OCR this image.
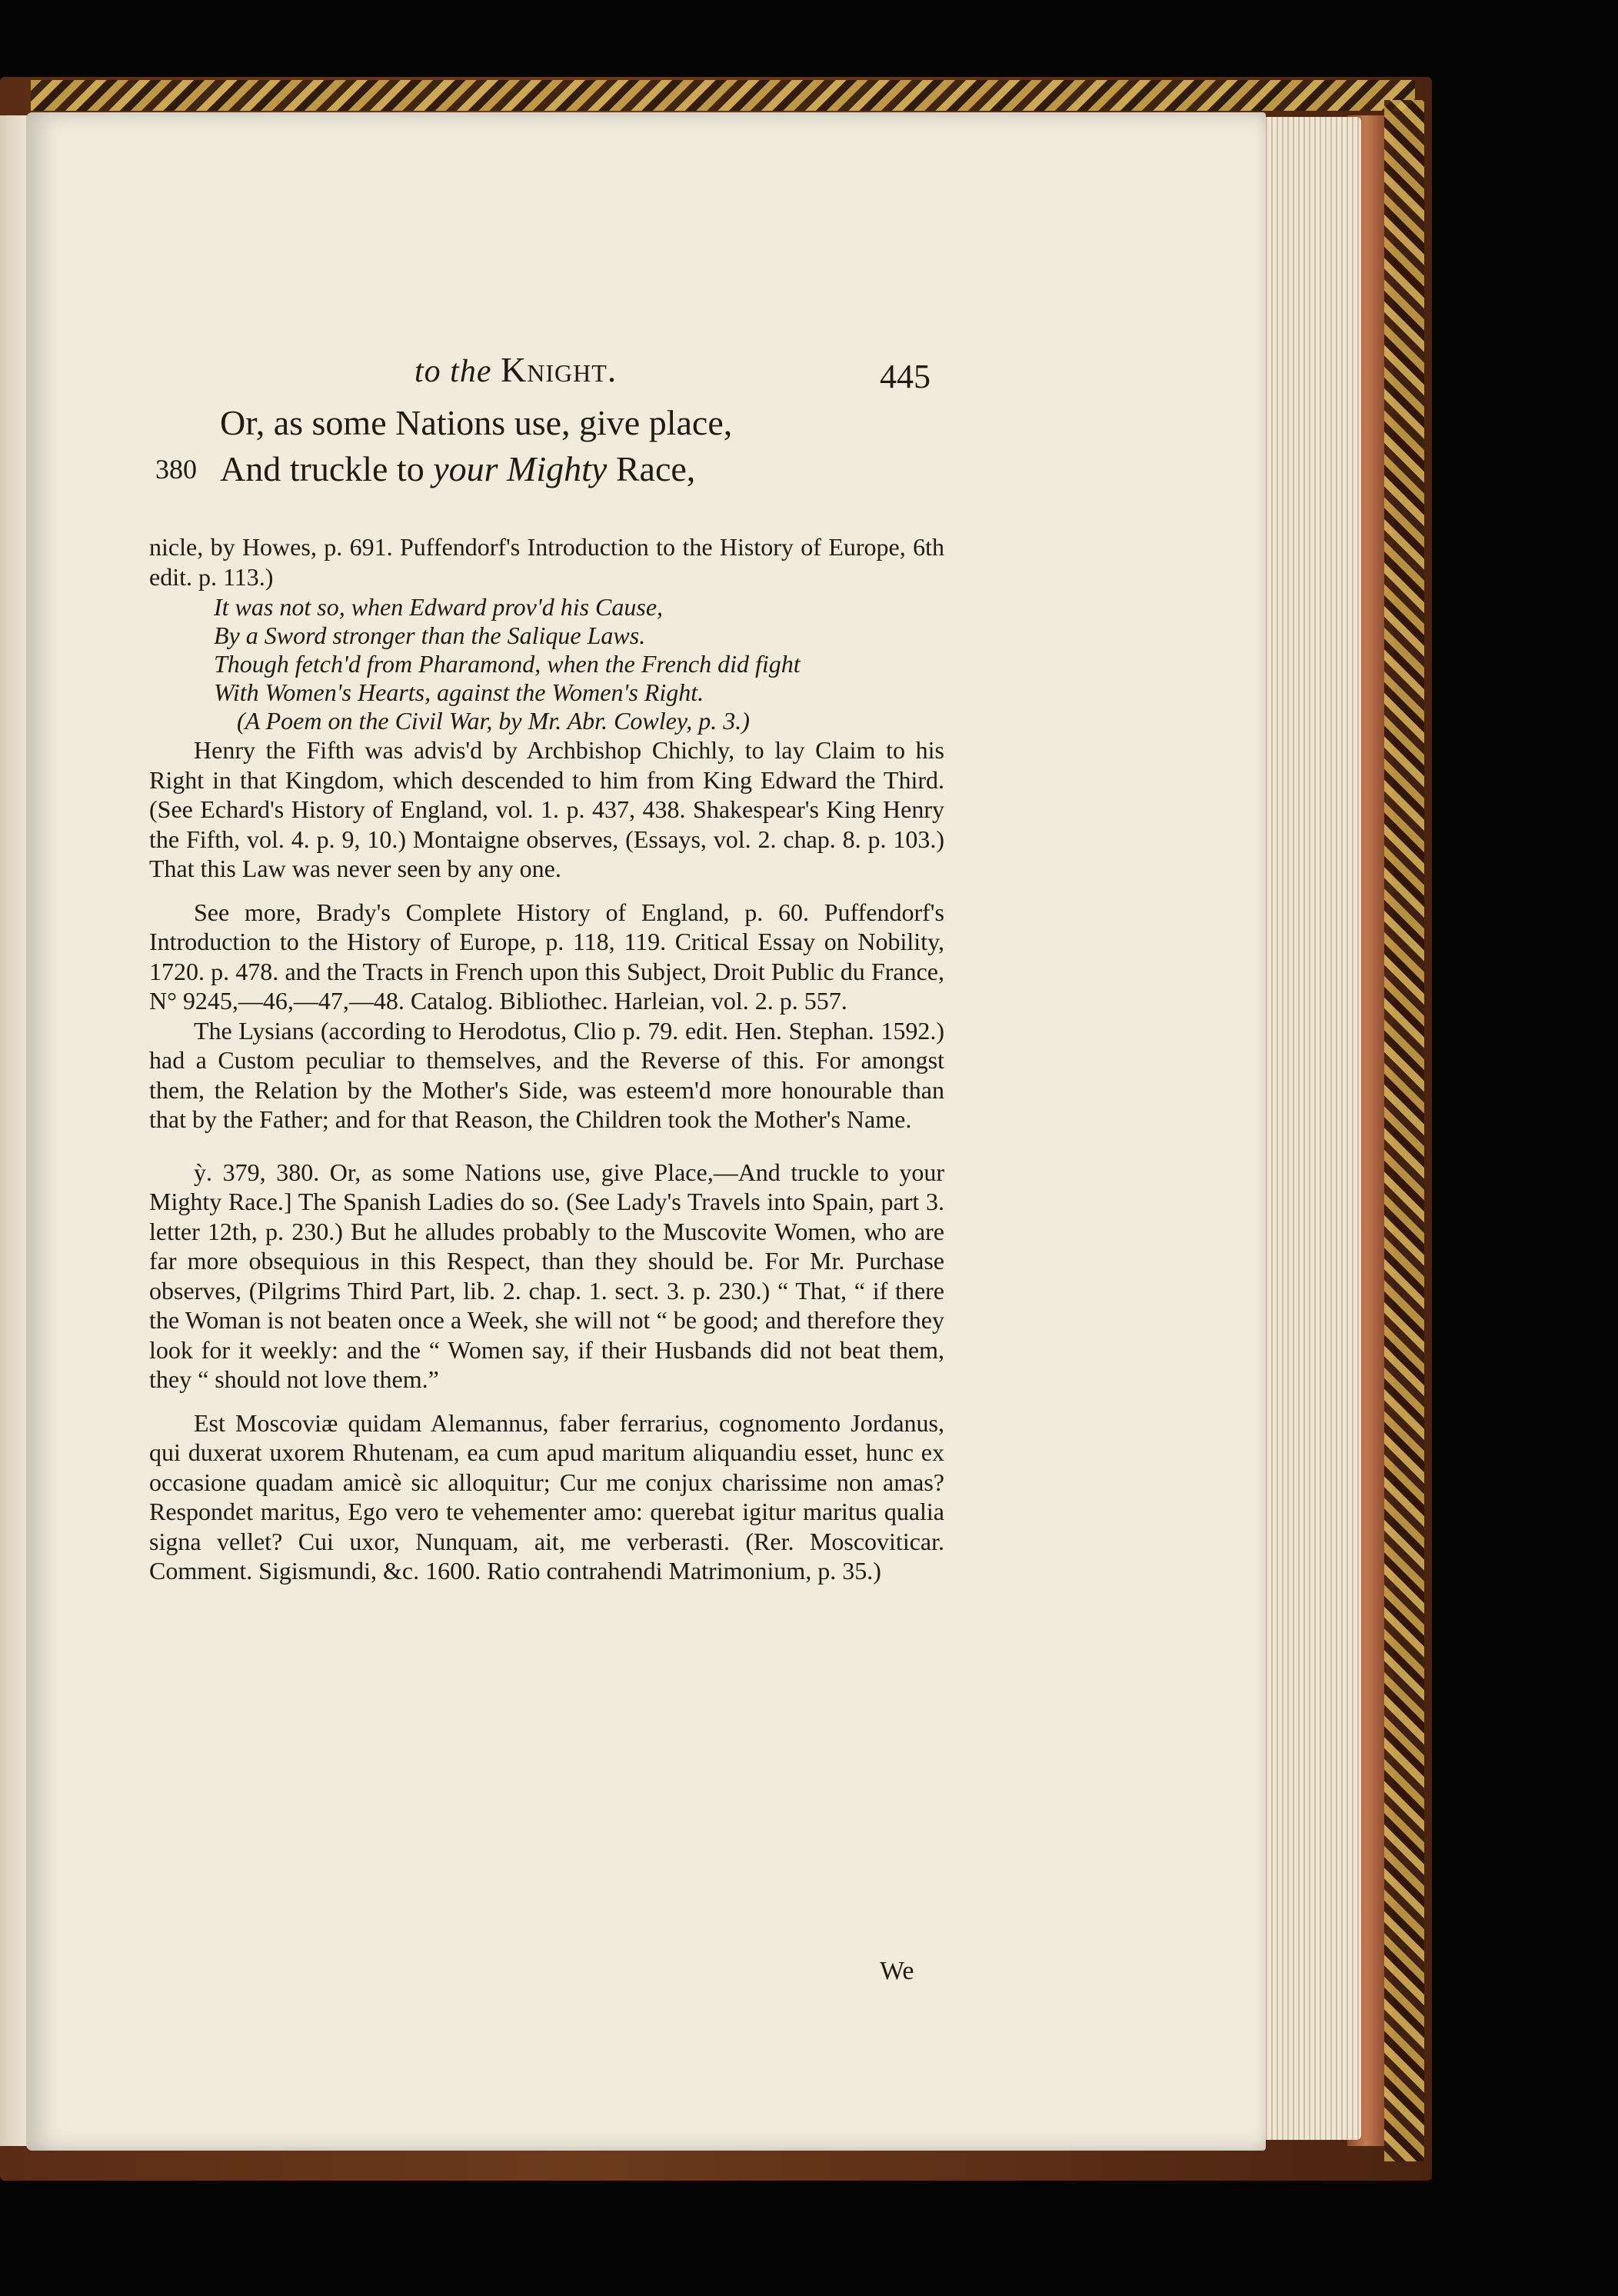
to the Knight.	445
Or, as some Nations use, give place,
380 And truckle to your Mighty Race,

nicle, by Howes, p. 691. Puffendorf's Introduction to the History of Europe, 6th edit. p. 113.)

It was not so, when Edward prov'd his Cause,
By a Sword stronger than the Salique Laws.
Though fetch'd from Pharamond, when the French did fight
With Women's Hearts, against the Women's Right.
(A Poem on the Civil War, by Mr. Abr. Cowley, p. 3.)

Henry the Fifth was advis'd by Archbishop Chichly, to lay Claim to his Right in that Kingdom, which descended to him from King Edward the Third. (See Echard's History of England, vol. 1. p. 437, 438. Shakespear's King Henry the Fifth, vol. 4. p. 9, 10.) Montaigne observes, (Essays, vol. 2. chap. 8. p. 103.) That this Law was never seen by any one.

See more, Brady's Complete History of England, p. 60. Puffendorf's Introduction to the History of Europe, p. 118, 119. Critical Essay on Nobility, 1720. p. 478. and the Tracts in French upon this Subject, Droit Public du France, N° 9245,—46,—47,—48. Catalog. Bibliothec. Harleian, vol. 2. p. 557.

The Lysians (according to Herodotus, Clio p. 79. edit. Hen. Stephan. 1592.) had a Custom peculiar to themselves, and the Reverse of this. For amongst them, the Relation by the Mother's Side, was esteem'd more honourable than that by the Father; and for that Reason, the Children took the Mother's Name.

ỳ. 379, 380. Or, as some Nations use, give Place,—And truckle to your Mighty Race.] The Spanish Ladies do so. (See Lady's Travels into Spain, part 3. letter 12th, p. 230.) But he alludes probably to the Muscovite Women, who are far more obsequious in this Respect, than they should be. For Mr. Purchase observes, (Pilgrims Third Part, lib. 2. chap. 1. sect. 3. p. 230.) “ That, “ if there the Woman is not beaten once a Week, she will not “ be good; and therefore they look for it weekly: and the “ Women say, if their Husbands did not beat them, they “ should not love them.”

Est Moscoviæ quidam Alemannus, faber ferrarius, cognomento Jordanus, qui duxerat uxorem Rhutenam, ea cum apud maritum aliquandiu esset, hunc ex occasione quadam amicè sic alloquitur; Cur me conjux charissime non amas? Respondet maritus, Ego vero te vehementer amo: querebat igitur maritus qualia signa vellet? Cui uxor, Nunquam, ait, me verberasti. (Rer. Moscoviticar. Comment. Sigismundi, &c. 1600. Ratio contrahendi Matrimonium, p. 35.)

We
